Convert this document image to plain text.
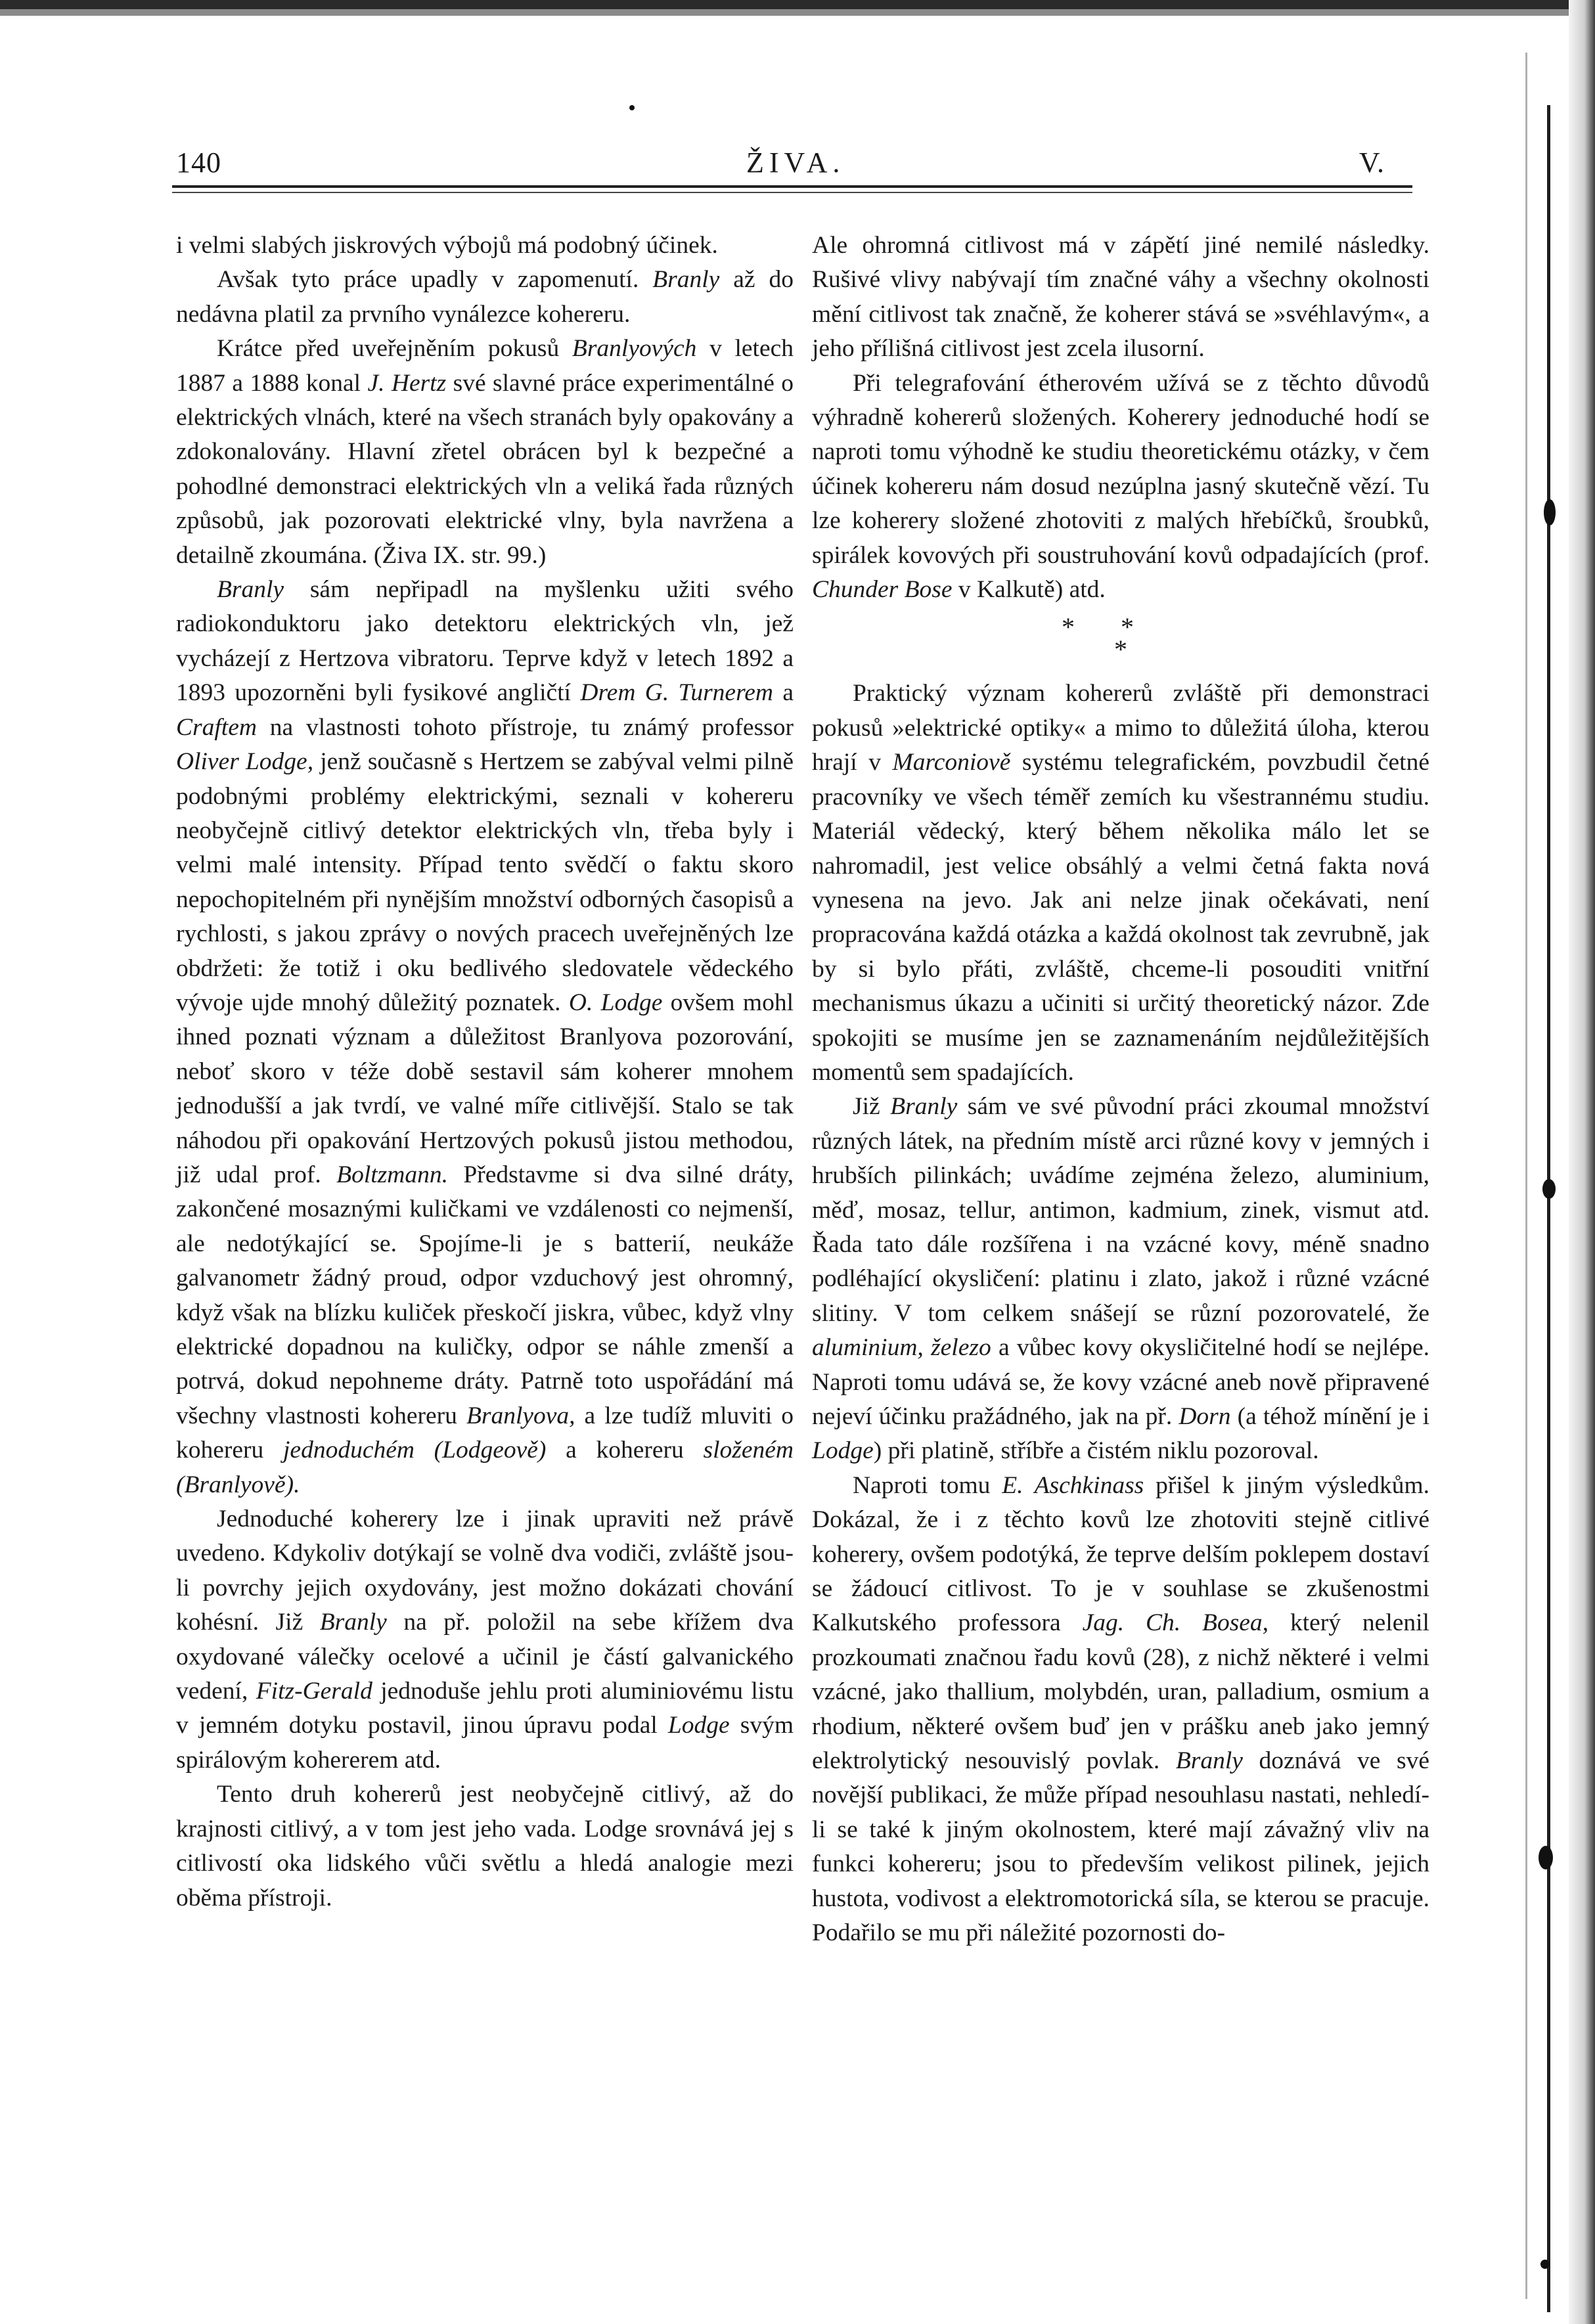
140	ŽIVA.	V.

i velmi slabých jiskrových výbojů má podobný účinek.

Avšak tyto práce upadly v zapomenutí. Branly až do nedávna platil za prvního vynálezce kohereru.

Krátce před uveřejněním pokusů Branlyových v letech 1887 a 1888 konal J. Hertz své slavné práce experimentálné o elektrických vlnách, které na všech stranách byly opakovány a zdokonalovány. Hlavní zřetel obrácen byl k bezpečné a pohodlné demonstraci elektrických vln a veliká řada různých způsobů, jak pozorovati elektrické vlny, byla navržena a detailně zkoumána. (Živa IX. str. 99.)

Branly sám nepřipadl na myšlenku užiti svého radiokonduktoru jako detektoru elektrických vln, jež vycházejí z Hertzova vibratoru. Teprve když v letech 1892 a 1893 upozorněni byli fysikové angličtí Drem G. Turnerem a Craftem na vlastnosti tohoto přístroje, tu známý professor Oliver Lodge, jenž současně s Hertzem se zabýval velmi pilně podobnými problémy elektrickými, seznali v kohereru neobyčejně citlivý detektor elektrických vln, třeba byly i velmi malé intensity. Případ tento svědčí o faktu skoro nepochopitelném při nynějším množství odborných časopisů a rychlosti, s jakou zprávy o nových pracech uveřejněných lze obdržeti: že totiž i oku bedlivého sledovatele vědeckého vývoje ujde mnohý důležitý poznatek. O. Lodge ovšem mohl ihned poznati význam a důležitost Branlyova pozorování, neboť skoro v téže době sestavil sám koherer mnohem jednodušší a jak tvrdí, ve valné míře citlivější. Stalo se tak náhodou při opakování Hertzových pokusů jistou methodou, již udal prof. Boltzmann. Představme si dva silné dráty, zakončené mosaznými kuličkami ve vzdálenosti co nejmenší, ale nedotýkající se. Spojíme-li je s batterií, neukáže galvanometr žádný proud, odpor vzduchový jest ohromný, když však na blízku kuliček přeskočí jiskra, vůbec, když vlny elektrické dopadnou na kuličky, odpor se náhle zmenší a potrvá, dokud nepohneme dráty. Patrně toto uspořádání má všechny vlastnosti kohereru Branlyova, a lze tudíž mluviti o kohereru jednoduchém (Lodgeově) a kohereru složeném (Branlyově).

Jednoduché koherery lze i jinak upraviti než právě uvedeno. Kdykoliv dotýkají se volně dva vodiči, zvláště jsou-li povrchy jejich oxydovány, jest možno dokázati chování kohésní. Již Branly na př. položil na sebe křížem dva oxydované válečky ocelové a učinil je částí galvanického vedení, Fitz-Gerald jednoduše jehlu proti aluminiovému listu v jemném dotyku postavil, jinou úpravu podal Lodge svým spirálovým kohererem atd.

Tento druh kohererů jest neobyčejně citlivý, až do krajnosti citlivý, a v tom jest jeho vada. Lodge srovnává jej s citlivostí oka lidského vůči světlu a hledá analogie mezi oběma přístroji.

Ale ohromná citlivost má v zápětí jiné nemilé následky. Rušivé vlivy nabývají tím značné váhy a všechny okolnosti mění citlivost tak značně, že koherer stává se »svéhlavým«, a jeho přílišná citlivost jest zcela ilusorní.

Při telegrafování étherovém užívá se z těchto důvodů výhradně kohererů složených. Koherery jednoduché hodí se naproti tomu výhodně ke studiu theoretickému otázky, v čem účinek kohereru nám dosud nezúplna jasný skutečně vězí. Tu lze koherery složené zhotoviti z malých hřebíčků, šroubků, spirálek kovových při soustruhování kovů odpadajících (prof. Chunder Bose v Kalkutě) atd.

**
*

Praktický význam kohererů zvláště při demonstraci pokusů »elektrické optiky« a mimo to důležitá úloha, kterou hrají v Marconiově systému telegrafickém, povzbudil četné pracovníky ve všech téměř zemích ku všestrannému studiu. Materiál vědecký, který během několika málo let se nahromadil, jest velice obsáhlý a velmi četná fakta nová vynesena na jevo. Jak ani nelze jinak očekávati, není propracována každá otázka a každá okolnost tak zevrubně, jak by si bylo přáti, zvláště, chceme-li posouditi vnitřní mechanismus úkazu a učiniti si určitý theoretický názor. Zde spokojiti se musíme jen se zaznamenáním nejdůležitějších momentů sem spadajících.

Již Branly sám ve své původní práci zkoumal množství různých látek, na předním místě arci různé kovy v jemných i hrubších pilinkách; uvádíme zejména železo, aluminium, měď, mosaz, tellur, antimon, kadmium, zinek, vismut atd. Řada tato dále rozšířena i na vzácné kovy, méně snadno podléhající okysličení: platinu i zlato, jakož i různé vzácné slitiny. V tom celkem snášejí se různí pozorovatelé, že aluminium, železo a vůbec kovy okysličitelné hodí se nejlépe. Naproti tomu udává se, že kovy vzácné aneb nově připravené nejeví účinku pražádného, jak na př. Dorn (a téhož mínění je i Lodge) při platině, stříbře a čistém niklu pozoroval.

Naproti tomu E. Aschkinass přišel k jiným výsledkům. Dokázal, že i z těchto kovů lze zhotoviti stejně citlivé koherery, ovšem podotýká, že teprve delším poklepem dostaví se žádoucí citlivost. To je v souhlase se zkušenostmi Kalkutského professora Jag. Ch. Bosea, který nelenil prozkoumati značnou řadu kovů (28), z nichž některé i velmi vzácné, jako thallium, molybdén, uran, palladium, osmium a rhodium, některé ovšem buď jen v prášku aneb jako jemný elektrolytický nesouvislý povlak. Branly doznává ve své novější publikaci, že může případ nesouhlasu nastati, nehledí-li se také k jiným okolnostem, které mají závažný vliv na funkci kohereru; jsou to především velikost pilinek, jejich hustota, vodivost a elektromotorická síla, se kterou se pracuje. Podařilo se mu při náležité pozornosti do-
